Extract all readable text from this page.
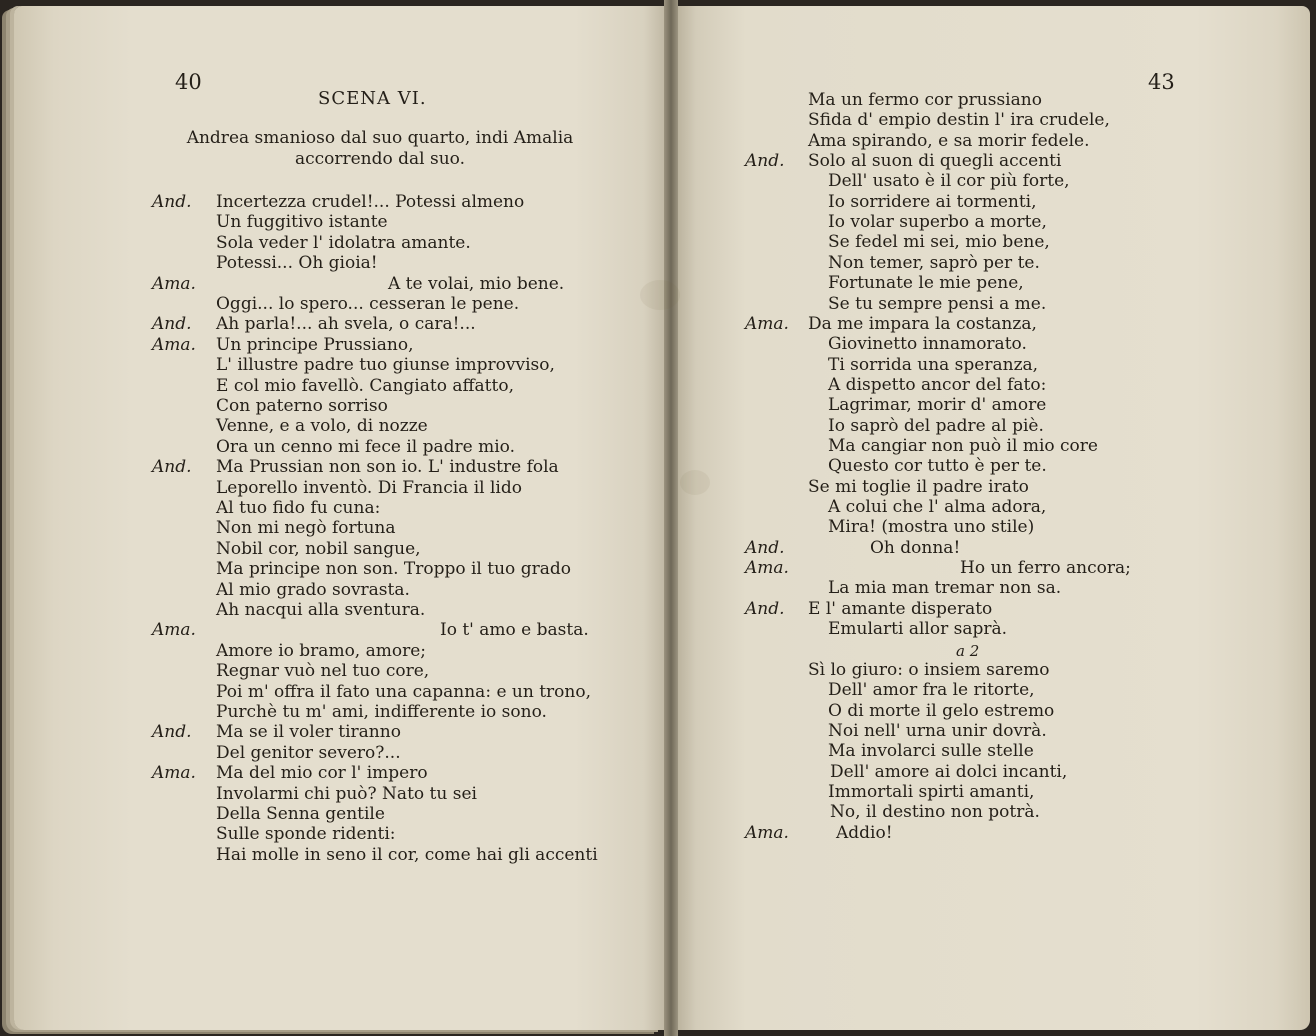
40
SCENA VI.
Andrea smanioso dal suo quarto, indi Amalia accorrendo dal suo.
And. Incertezza crudel!... Potessi almeno
Un fuggitivo istante
Sola veder l' idolatra amante.
Potessi... Oh gioia!
Ama.	A te volai, mio bene.
Oggi... lo spero... cesseran le pene.
And. Ah parla!... ah svela, o cara!...
Ama. Un principe Prussiano,
L' illustre padre tuo giunse improvviso,
E col mio favellò. Cangiato affatto,
Con paterno sorriso
Venne, e a volo, di nozze
Ora un cenno mi fece il padre mio.
And. Ma Prussian non son io. L' industre fola
Leporello inventò. Di Francia il lido
Al tuo fido fu cuna:
Non mi negò fortuna
Nobil cor, nobil sangue,
Ma principe non son. Troppo il tuo grado
Al mio grado sovrasta.
Ah nacqui alla sventura.
Ama.	Io t' amo e basta.
Amore io bramo, amore;
Regnar vuò nel tuo core,
Poi m' offra il fato una capanna: e un trono,
Purchè tu m' ami, indifferente io sono.
And. Ma se il voler tiranno
Del genitor severo?...
Ama. Ma del mio cor l' impero
Involarmi chi può? Nato tu sei
Della Senna gentile
Sulle sponde ridenti:
Hai molle in seno il cor, come hai gli accenti
43
a 2
Ma un fermo cor prussiano
Sfida d' empio destin l' ira crudele,
Ama spirando, e sa morir fedele.
And. Solo al suon di quegli accenti
Dell' usato è il cor più forte,
Io sorridere ai tormenti,
Io volar superbo a morte,
Se fedel mi sei, mio bene,
Non temer, saprò per te.
Fortunate le mie pene,
Se tu sempre pensi a me.
Ama. Da me impara la costanza,
Giovinetto innamorato.
Ti sorrida una speranza,
A dispetto ancor del fato:
Lagrimar, morir d' amore
Io saprò del padre al piè.
Ma cangiar non può il mio core
Questo cor tutto è per te.
Se mi toglie il padre irato
A colui che l' alma adora,
Mira! (mostra uno stile)
And.	Oh donna!
Ama.	Ho un ferro ancora;
La mia man tremar non sa.
And. E l' amante disperato
Emularti allor saprà.
Sì lo giuro: o insiem saremo
Dell' amor fra le ritorte,
O di morte il gelo estremo
Noi nell' urna unir dovrà.
Ma involarci sulle stelle
Dell' amore ai dolci incanti,
Immortali spirti amanti,
No, il destino non potrà.
Ama.	Addio!
